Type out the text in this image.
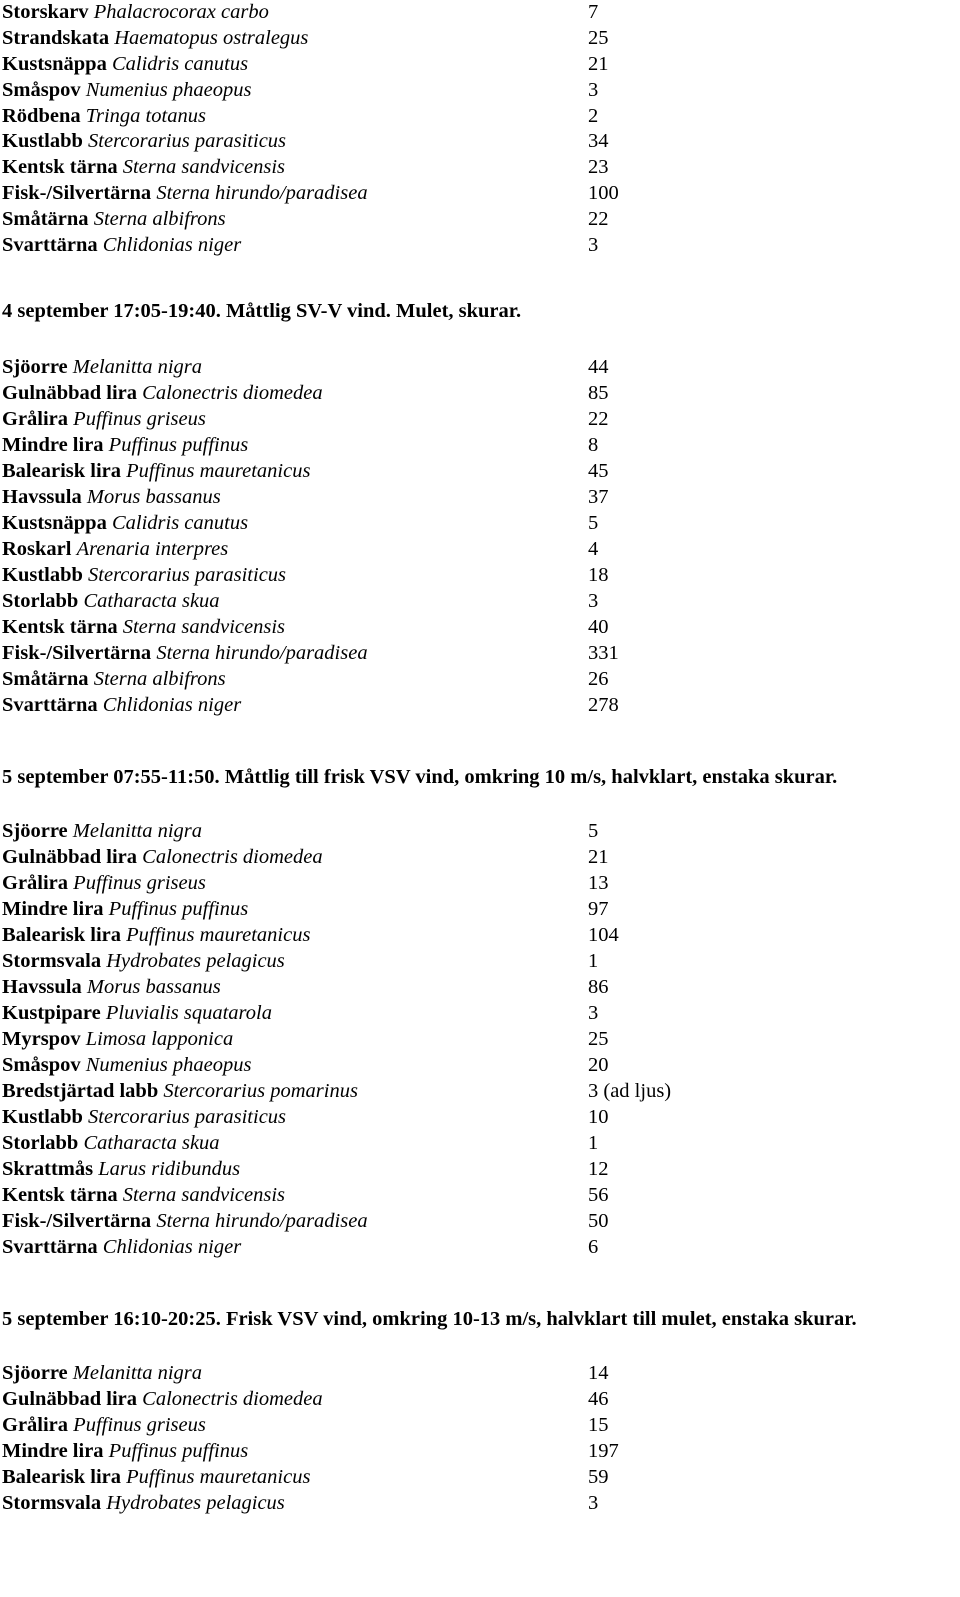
Storskarv Phalacrocorax carbo	7
Strandskata Haematopus ostralegus	25
Kustsnäppa Calidris canutus	21
Småspov Numenius phaeopus	3
Rödbena Tringa totanus	2
Kustlabb Stercorarius parasiticus	34
Kentsk tärna Sterna sandvicensis	23
Fisk-/Silvertärna Sterna hirundo/paradisea	100
Småtärna Sterna albifrons	22
Svarttärna Chlidonias niger	3
4 september 17:05-19:40. Måttlig SV-V vind. Mulet, skurar.
Sjöorre Melanitta nigra	44
Gulnäbbad lira Calonectris diomedea	85
Grålira Puffinus griseus	22
Mindre lira Puffinus puffinus	8
Balearisk lira Puffinus mauretanicus	45
Havssula Morus bassanus	37
Kustsnäppa Calidris canutus	5
Roskarl Arenaria interpres	4
Kustlabb Stercorarius parasiticus	18
Storlabb Catharacta skua	3
Kentsk tärna Sterna sandvicensis	40
Fisk-/Silvertärna Sterna hirundo/paradisea	331
Småtärna Sterna albifrons	26
Svarttärna Chlidonias niger	278
5 september 07:55-11:50. Måttlig till frisk VSV vind, omkring 10 m/s, halvklart, enstaka skurar.
Sjöorre Melanitta nigra	5
Gulnäbbad lira Calonectris diomedea	21
Grålira Puffinus griseus	13
Mindre lira Puffinus puffinus	97
Balearisk lira Puffinus mauretanicus	104
Stormsvala Hydrobates pelagicus	1
Havssula Morus bassanus	86
Kustpipare Pluvialis squatarola	3
Myrspov Limosa lapponica	25
Småspov Numenius phaeopus	20
Bredstjärtad labb Stercorarius pomarinus	3 (ad ljus)
Kustlabb Stercorarius parasiticus	10
Storlabb Catharacta skua	1
Skrattmås Larus ridibundus	12
Kentsk tärna Sterna sandvicensis	56
Fisk-/Silvertärna Sterna hirundo/paradisea	50
Svarttärna Chlidonias niger	6
5 september 16:10-20:25. Frisk VSV vind, omkring 10-13 m/s, halvklart till mulet, enstaka skurar.
Sjöorre Melanitta nigra	14
Gulnäbbad lira Calonectris diomedea	46
Grålira Puffinus griseus	15
Mindre lira Puffinus puffinus	197
Balearisk lira Puffinus mauretanicus	59
Stormsvala Hydrobates pelagicus	3
